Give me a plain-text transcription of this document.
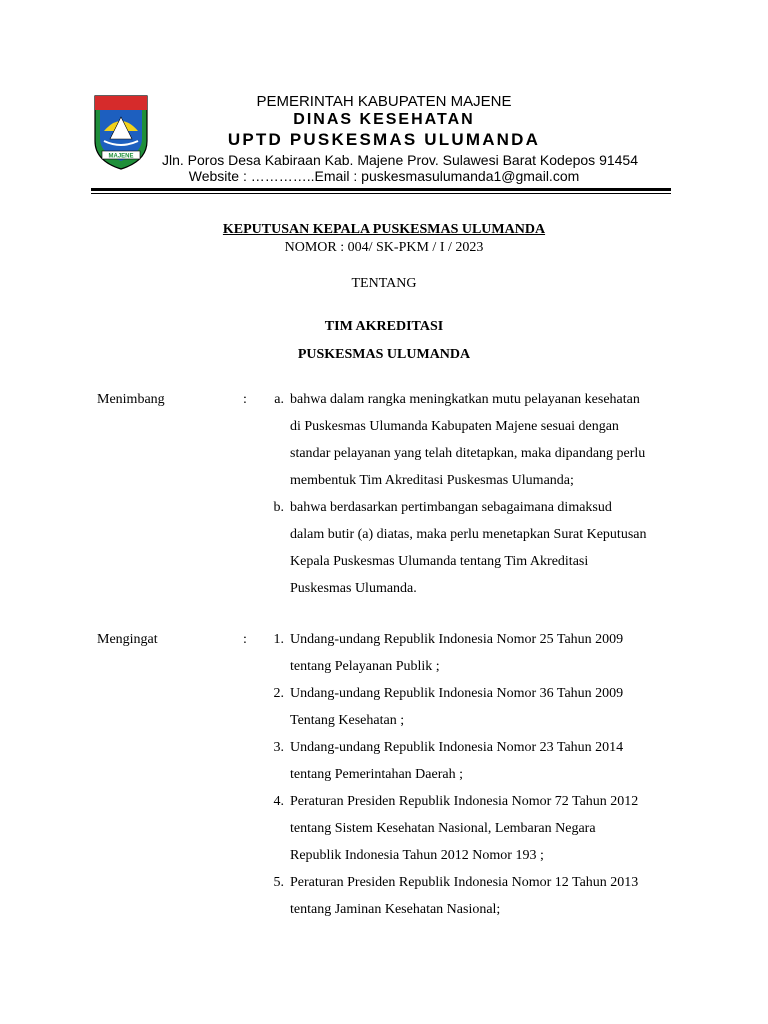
MAJENE
PEMERINTAH KABUPATEN MAJENE
DINAS KESEHATAN
UPTD PUSKESMAS ULUMANDA
Jln. Poros Desa Kabiraan Kab. Majene Prov. Sulawesi Barat Kodepos 91454
Website : …………..Email : puskesmasulumanda1@gmail.com
KEPUTUSAN KEPALA PUSKESMAS ULUMANDA
NOMOR : 004/ SK-PKM / I / 2023
TENTANG
TIM AKREDITASI
PUSKESMAS ULUMANDA
Menimbang	:	a. bahwa dalam rangka meningkatkan mutu pelayanan kesehatan

di Puskesmas Ulumanda Kabupaten Majene sesuai dengan

standar pelayanan yang telah ditetapkan, maka dipandang perlu

membentuk Tim Akreditasi Puskesmas Ulumanda;

b. bahwa berdasarkan pertimbangan sebagaimana dimaksud

dalam butir (a) diatas, maka perlu menetapkan Surat Keputusan

Kepala Puskesmas Ulumanda tentang Tim Akreditasi

Puskesmas Ulumanda.

Mengingat	:	1. Undang-undang Republik Indonesia Nomor 25 Tahun 2009

tentang Pelayanan Publik ;

2. Undang-undang Republik Indonesia Nomor 36 Tahun 2009

Tentang Kesehatan ;

3. Undang-undang Republik Indonesia Nomor 23 Tahun 2014

tentang Pemerintahan Daerah ;

4. Peraturan Presiden Republik Indonesia Nomor 72 Tahun 2012

tentang Sistem Kesehatan Nasional, Lembaran Negara

Republik Indonesia Tahun 2012 Nomor 193 ;

5. Peraturan Presiden Republik Indonesia Nomor 12 Tahun 2013

tentang Jaminan Kesehatan Nasional;
